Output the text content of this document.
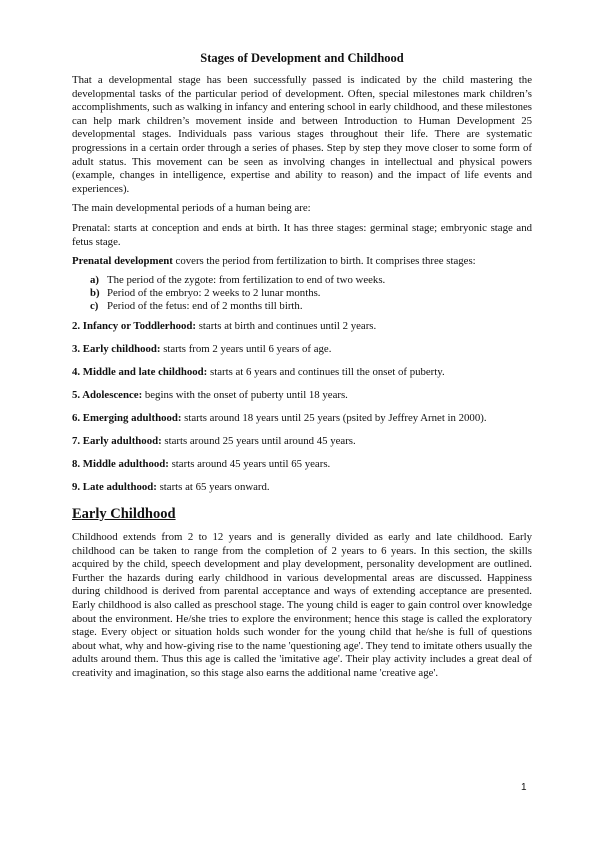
Stages of Development and Childhood

That a developmental stage has been successfully passed is indicated by the child mastering the developmental tasks of the particular period of development. Often, special milestones mark children’s accomplishments, such as walking in infancy and entering school in early childhood, and these milestones can help mark children’s movement inside and between Introduction to Human Development 25 developmental stages. Individuals pass various stages throughout their life. There are systematic progressions in a certain order through a series of phases. Step by step they move closer to some form of adult status. This movement can be seen as involving changes in intellectual and physical powers (example, changes in intelligence, expertise and ability to reason) and the impact of life events and experiences).

The main developmental periods of a human being are:

Prenatal: starts at conception and ends at birth. It has three stages: germinal stage; embryonic stage and fetus stage.

Prenatal development covers the period from fertilization to birth. It comprises three stages:

a) The period of the zygote: from fertilization to end of two weeks.
b) Period of the embryo: 2 weeks to 2 lunar months.
c) Period of the fetus: end of 2 months till birth.

2. Infancy or Toddlerhood: starts at birth and continues until 2 years.

3. Early childhood: starts from 2 years until 6 years of age.

4. Middle and late childhood: starts at 6 years and continues till the onset of puberty.

5. Adolescence: begins with the onset of puberty until 18 years.

6. Emerging adulthood: starts around 18 years until 25 years (psited by Jeffrey Arnet in 2000).

7. Early adulthood: starts around 25 years until around 45 years.

8. Middle adulthood: starts around 45 years until 65 years.

9. Late adulthood: starts at 65 years onward.

Early Childhood

Childhood extends from 2 to 12 years and is generally divided as early and late childhood. Early childhood can be taken to range from the completion of 2 years to 6 years. In this section, the skills acquired by the child, speech development and play development, personality development are outlined. Further the hazards during early childhood in various developmental areas are discussed. Happiness during childhood is derived from parental acceptance and ways of extending acceptance are presented. Early childhood is also called as preschool stage. The young child is eager to gain control over knowledge about the environment. He/she tries to explore the environment; hence this stage is called the exploratory stage. Every object or situation holds such wonder for the young child that he/she is full of questions about what, why and how-giving rise to the name 'questioning age'. They tend to imitate others usually the adults around them. Thus this age is called the 'imitative age'. Their play activity includes a great deal of creativity and imagination, so this stage also earns the additional name 'creative age'.

1
